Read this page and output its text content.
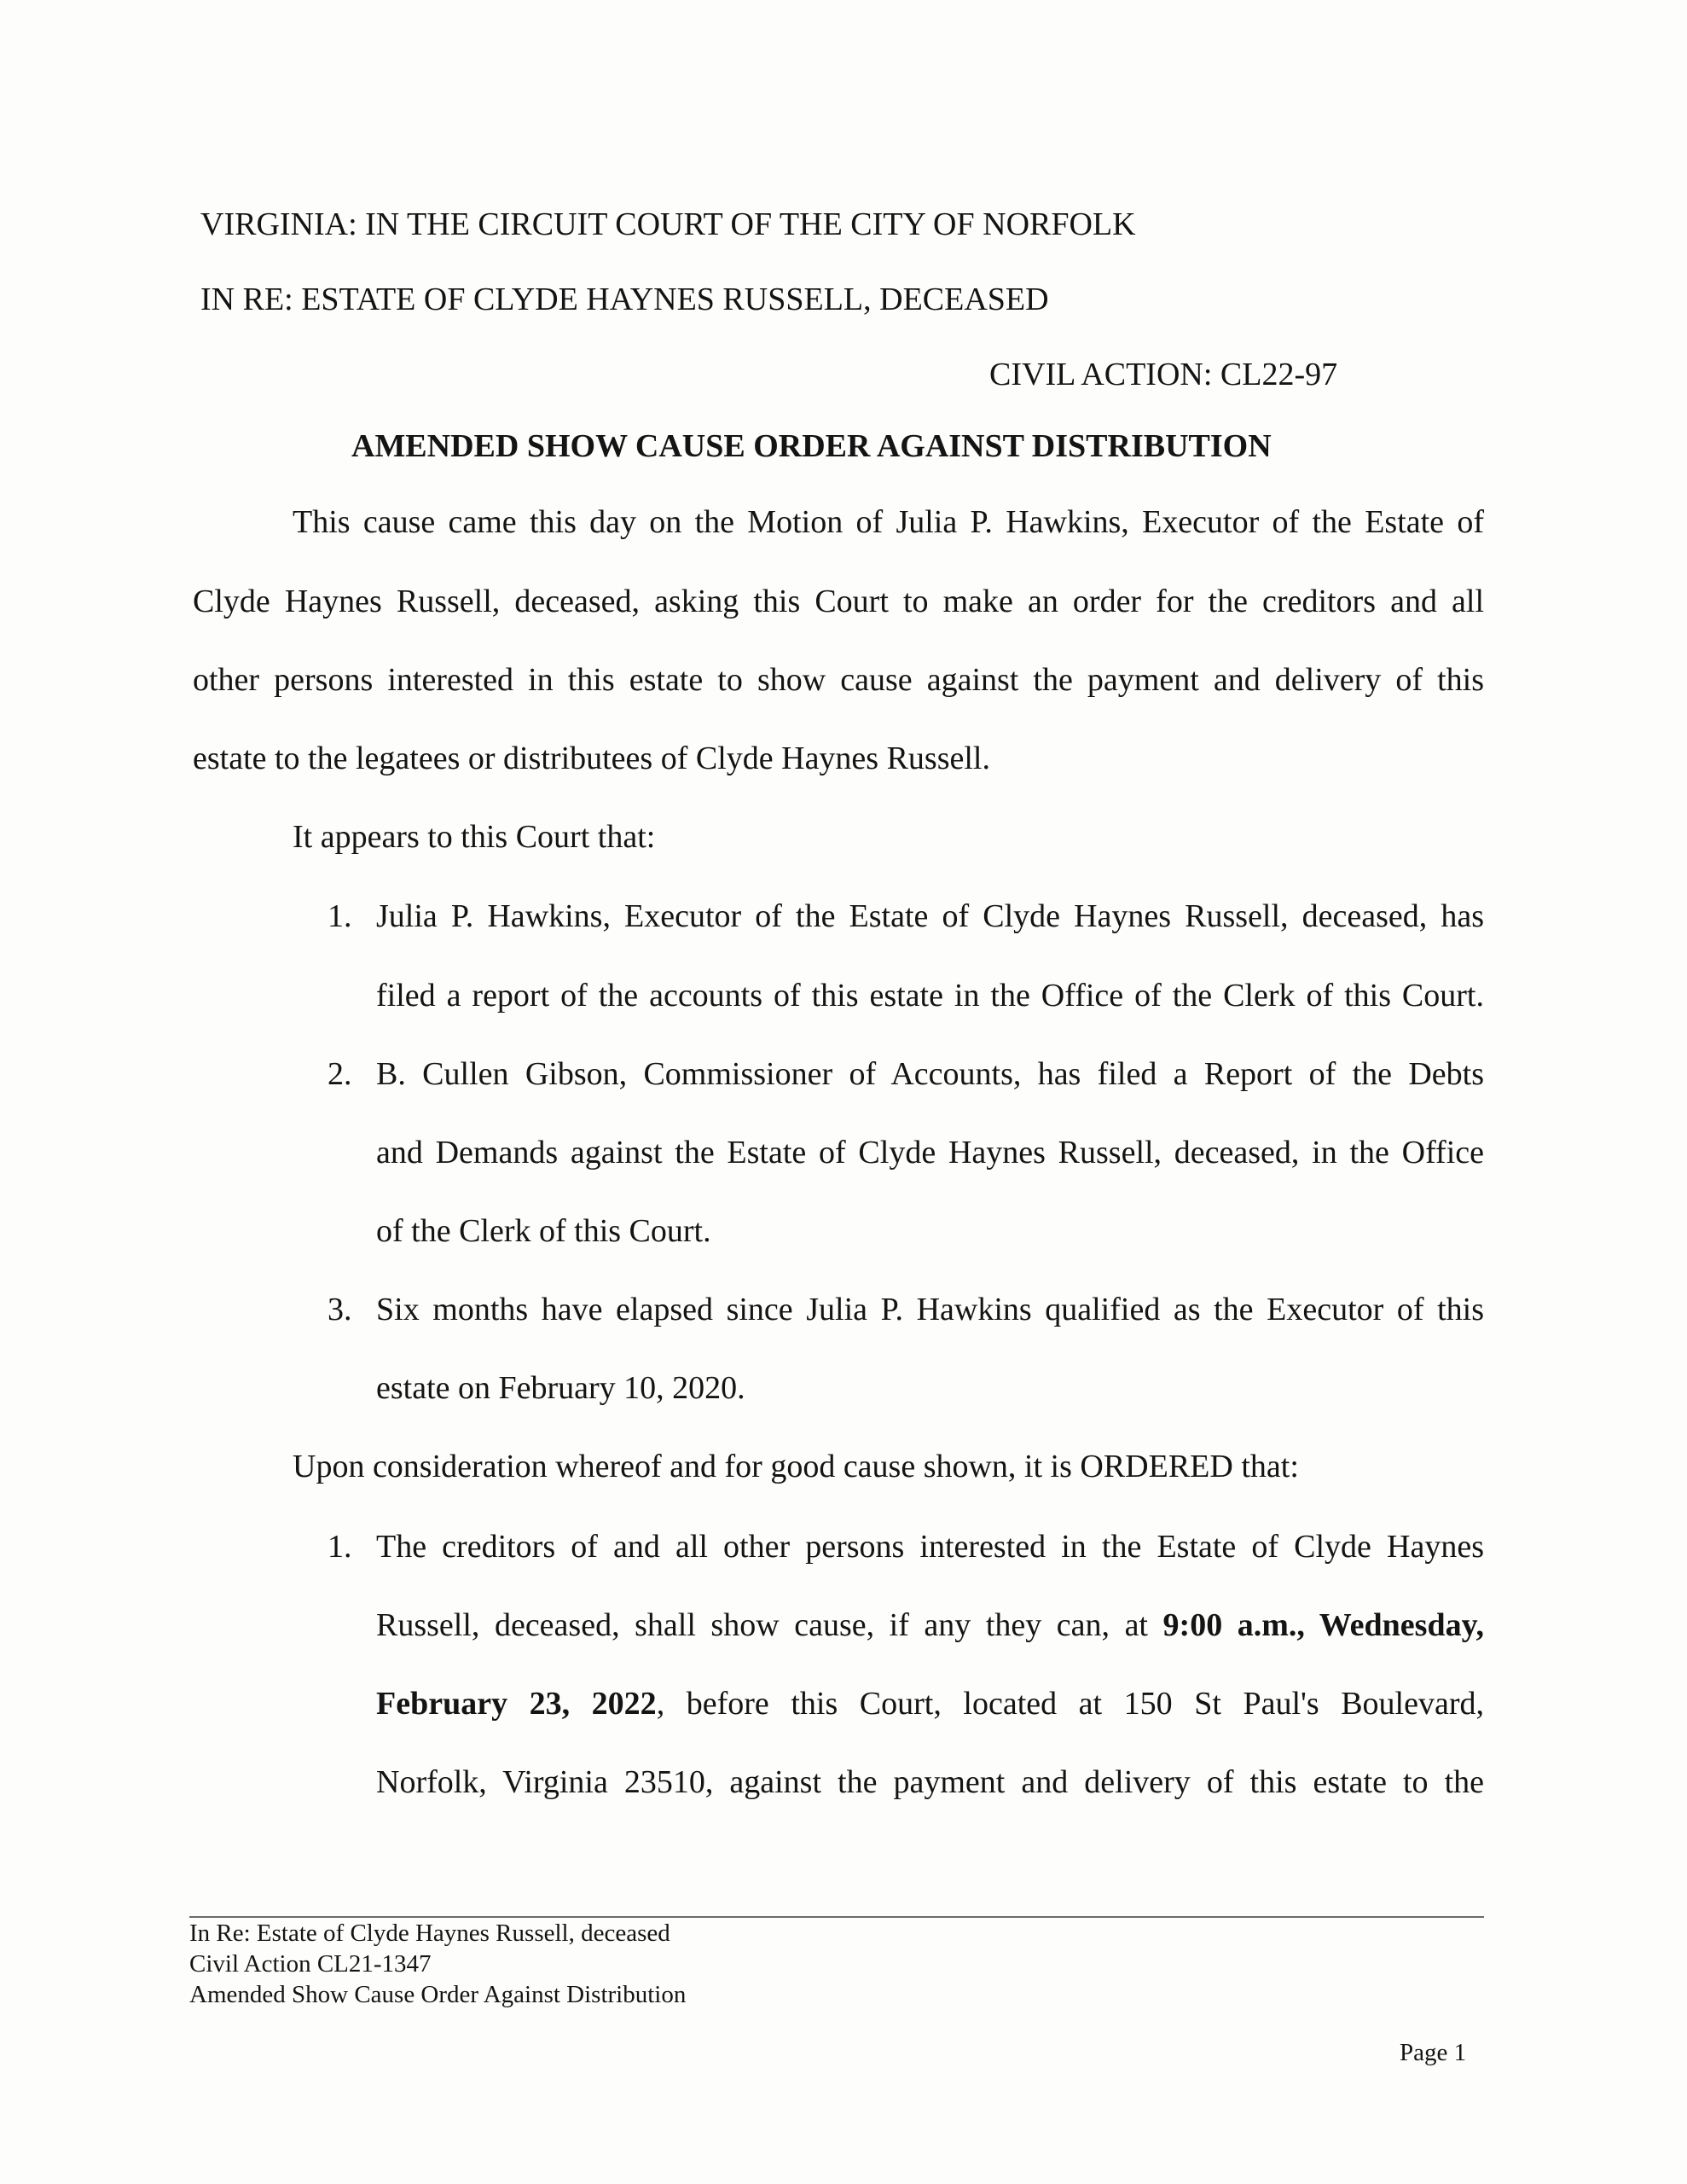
VIRGINIA: IN THE CIRCUIT COURT OF THE CITY OF NORFOLK
IN RE: ESTATE OF CLYDE HAYNES RUSSELL, DECEASED
CIVIL ACTION: CL22-97
AMENDED SHOW CAUSE ORDER AGAINST DISTRIBUTION
This cause came this day on the Motion of Julia P. Hawkins, Executor of the Estate of
Clyde Haynes Russell, deceased, asking this Court to make an order for the creditors and all
other persons interested in this estate to show cause against the payment and delivery of this
estate to the legatees or distributees of Clyde Haynes Russell.
It appears to this Court that:
1. Julia P. Hawkins, Executor of the Estate of Clyde Haynes Russell, deceased, has
filed a report of the accounts of this estate in the Office of the Clerk of this Court.
2. B. Cullen Gibson, Commissioner of Accounts, has filed a Report of the Debts
and Demands against the Estate of Clyde Haynes Russell, deceased, in the Office
of the Clerk of this Court.
3. Six months have elapsed since Julia P. Hawkins qualified as the Executor of this
estate on February 10, 2020.
Upon consideration whereof and for good cause shown, it is ORDERED that:
1. The creditors of and all other persons interested in the Estate of Clyde Haynes
Russell, deceased, shall show cause, if any they can, at 9:00 a.m., Wednesday,
February 23, 2022, before this Court, located at 150 St Paul's Boulevard,
Norfolk, Virginia 23510, against the payment and delivery of this estate to the
In Re: Estate of Clyde Haynes Russell, deceased
Civil Action CL21-1347
Amended Show Cause Order Against Distribution
Page 1
